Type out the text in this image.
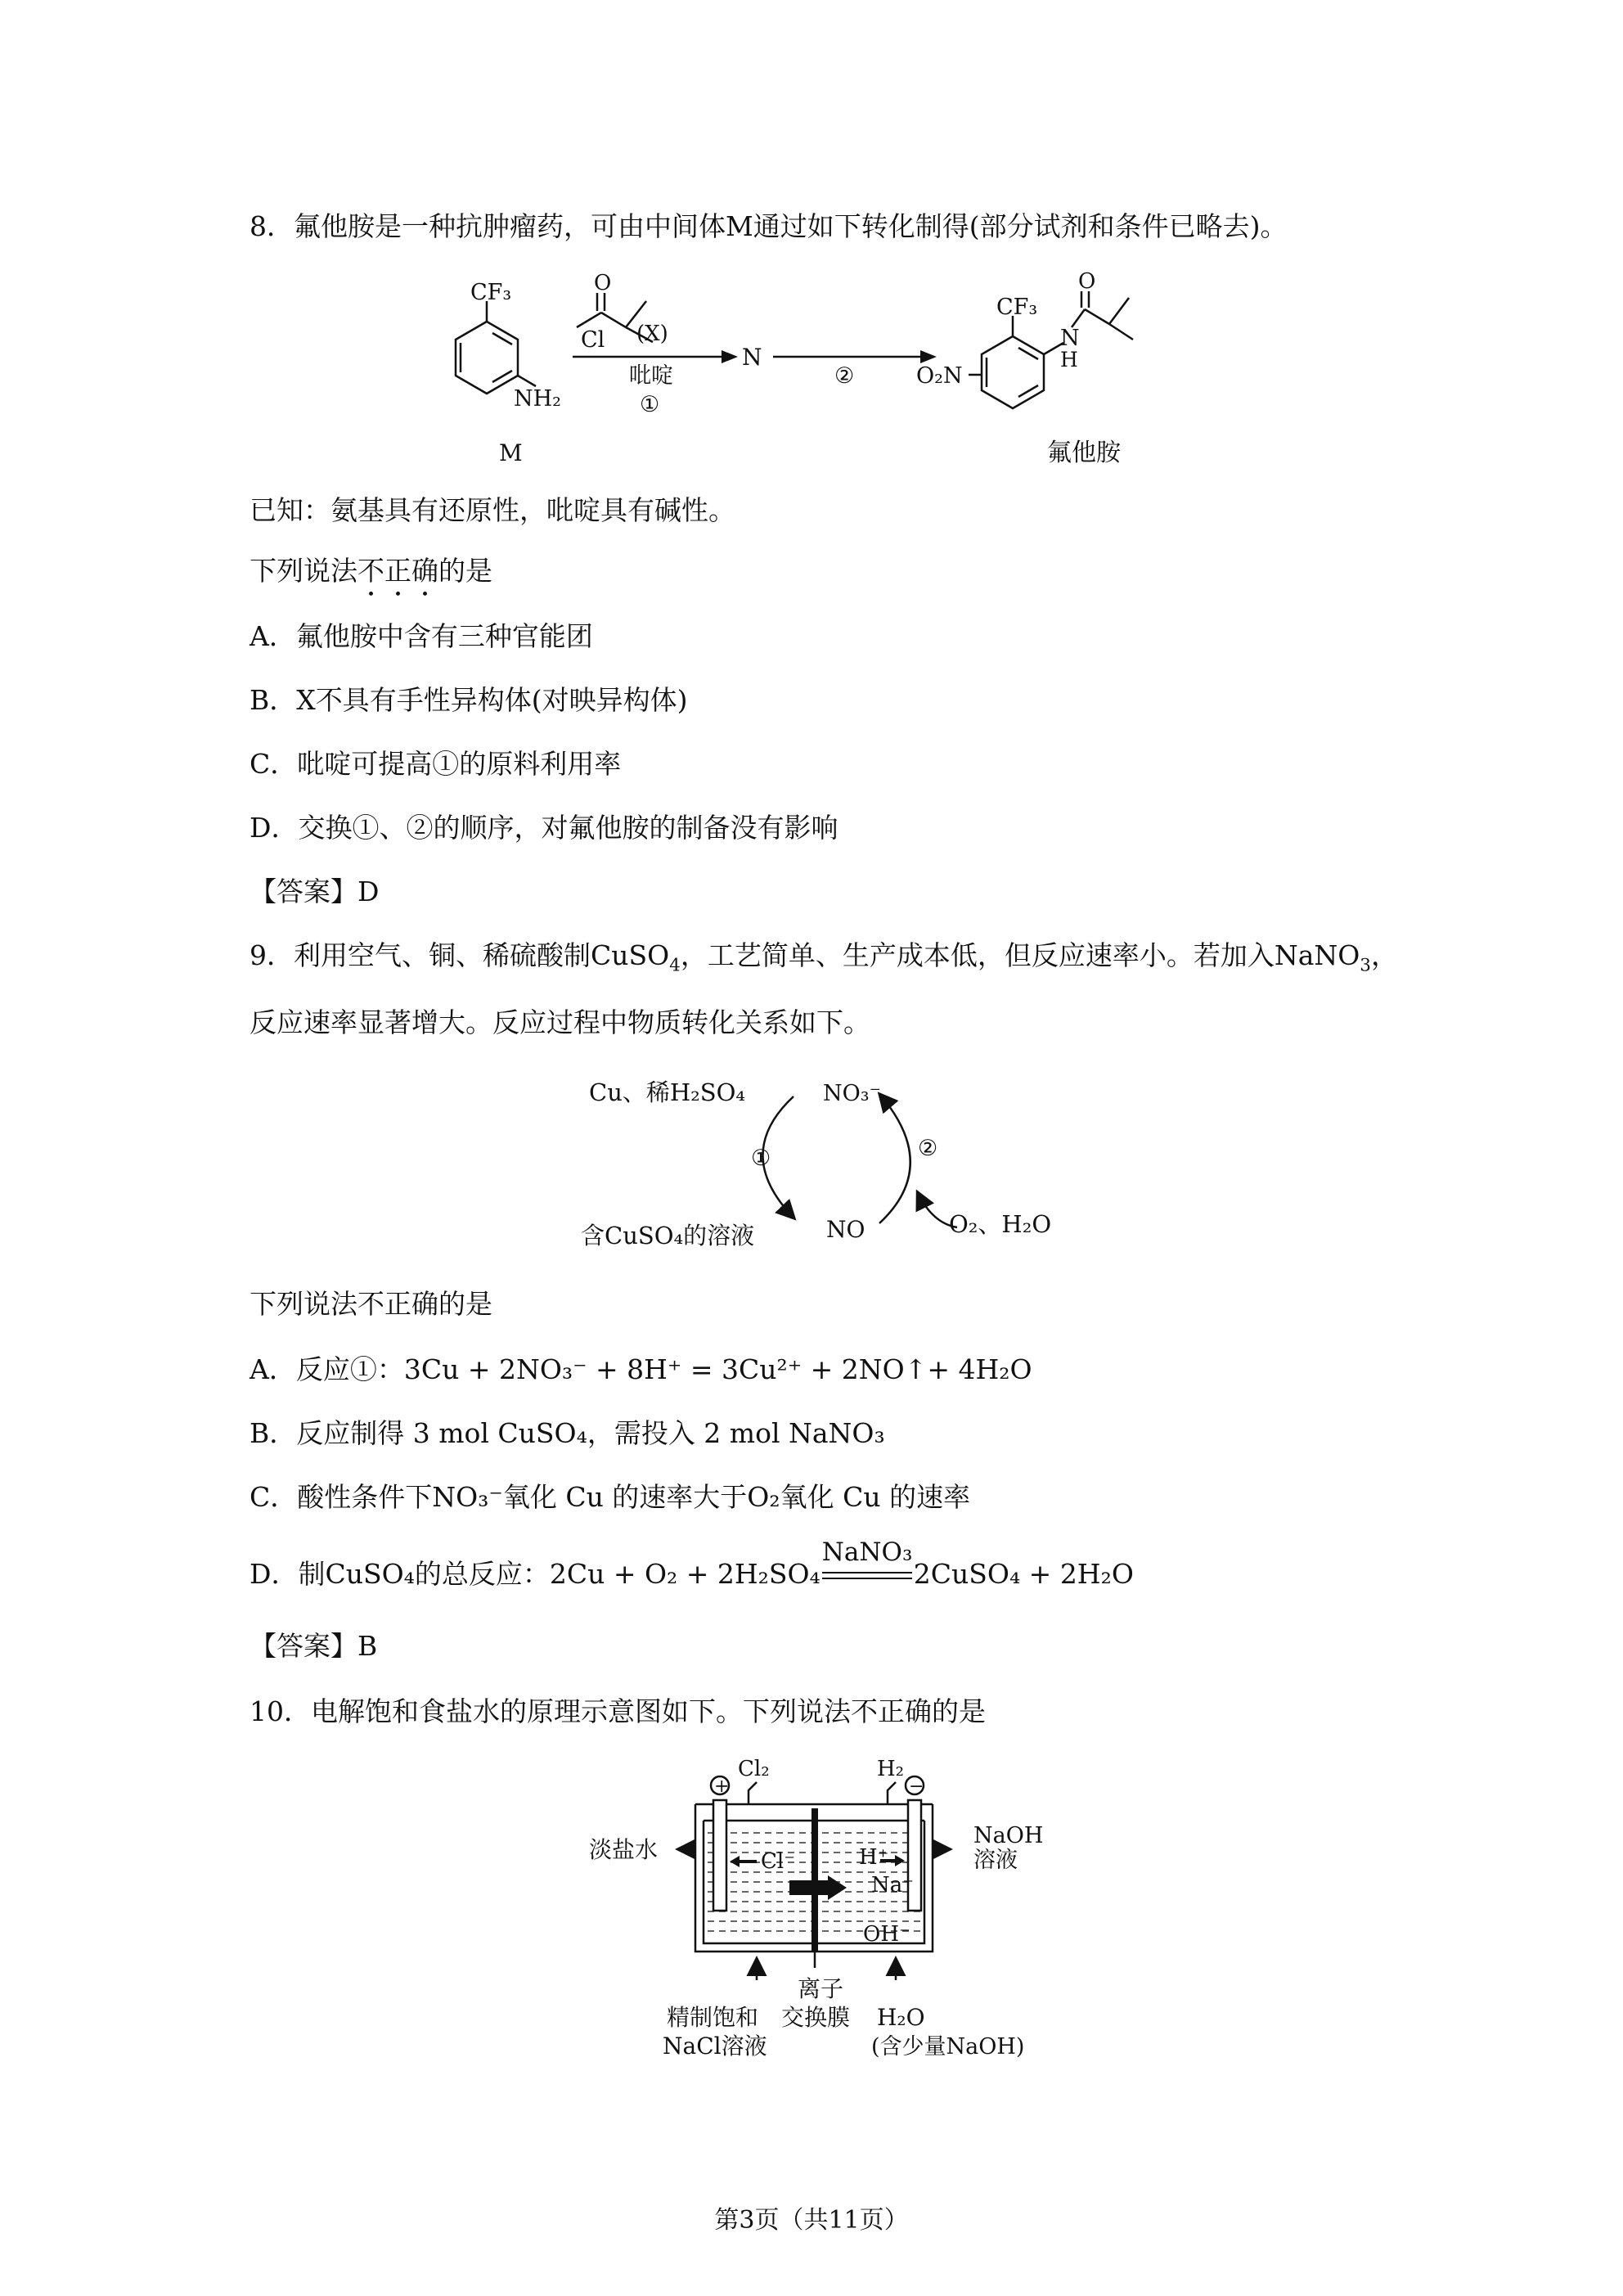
8．氟他胺是一种抗肿瘤药，可由中间体M通过如下转化制得(部分试剂和条件已略去)。
CF₃
NH₂
M
O
Cl (X)
吡啶
①
N
②
CF₃
O₂N
N
H
O
氟他胺
已知：氨基具有还原性，吡啶具有碱性。
下列说法不正确的是
A．氟他胺中含有三种官能团
B．X不具有手性异构体(对映异构体)
C．吡啶可提高①的原料利用率
D．交换①、②的顺序，对氟他胺的制备没有影响
【答案】D
9．利用空气、铜、稀硫酸制CuSO$_4$，工艺简单、生产成本低，但反应速率小。若加入NaNO$_3$，
反应速率显著增大。反应过程中物质转化关系如下。
Cu、稀H₂SO₄	NO₃⁻
①	②
含CuSO₄的溶液	NO	O₂、H₂O
下列说法不正确的是
A．反应①：3Cu + 2NO₃⁻ + 8H⁺ = 3Cu²⁺ + 2NO↑+ 4H₂O
B．反应制得 3 mol CuSO₄，需投入 2 mol NaNO₃
C．酸性条件下NO₃⁻氧化 Cu 的速率大于O₂氧化 Cu 的速率
D．制CuSO₄的总反应：2Cu + O₂ + 2H₂SO₄
NaNO₃
2CuSO₄ + 2H₂O
【答案】B
10．电解饱和食盐水的原理示意图如下。下列说法不正确的是
+	−
Cl₂	H₂
淡盐水
NaOH
溶液
Cl⁻	H⁺
Na⁺
OH⁻
离子
交换膜
精制饱和
NaCl溶液
H₂O
(含少量NaOH)
第3页（共11页）
